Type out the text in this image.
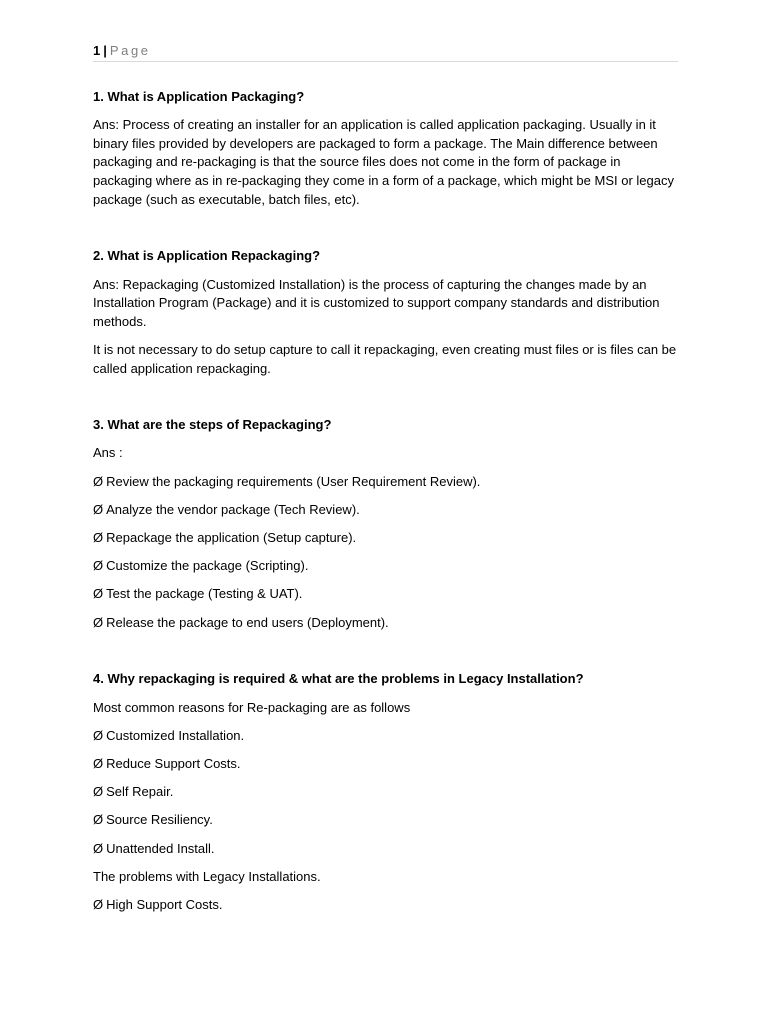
1 | Page
1. What is Application Packaging?

Ans: Process of creating an installer for an application is called application packaging. Usually in it binary files provided by developers are packaged to form a package. The Main difference between packaging and re-packaging is that the source files does not come in the form of package in packaging where as in re-packaging they come in a form of a package, which might be MSI or legacy package (such as executable, batch files, etc).

2. What is Application Repackaging?

Ans: Repackaging (Customized Installation) is the process of capturing the changes made by an Installation Program (Package) and it is customized to support company standards and distribution methods.

It is not necessary to do setup capture to call it repackaging, even creating must files or is files can be called application repackaging.

3. What are the steps of Repackaging?

Ans :

Ø Review the packaging requirements (User Requirement Review).

Ø Analyze the vendor package (Tech Review).

Ø Repackage the application (Setup capture).

Ø Customize the package (Scripting).

Ø Test the package (Testing & UAT).

Ø Release the package to end users (Deployment).

4. Why repackaging is required & what are the problems in Legacy Installation?

Most common reasons for Re-packaging are as follows

Ø Customized Installation.

Ø Reduce Support Costs.

Ø Self Repair.

Ø Source Resiliency.

Ø Unattended Install.

The problems with Legacy Installations.

Ø High Support Costs.
